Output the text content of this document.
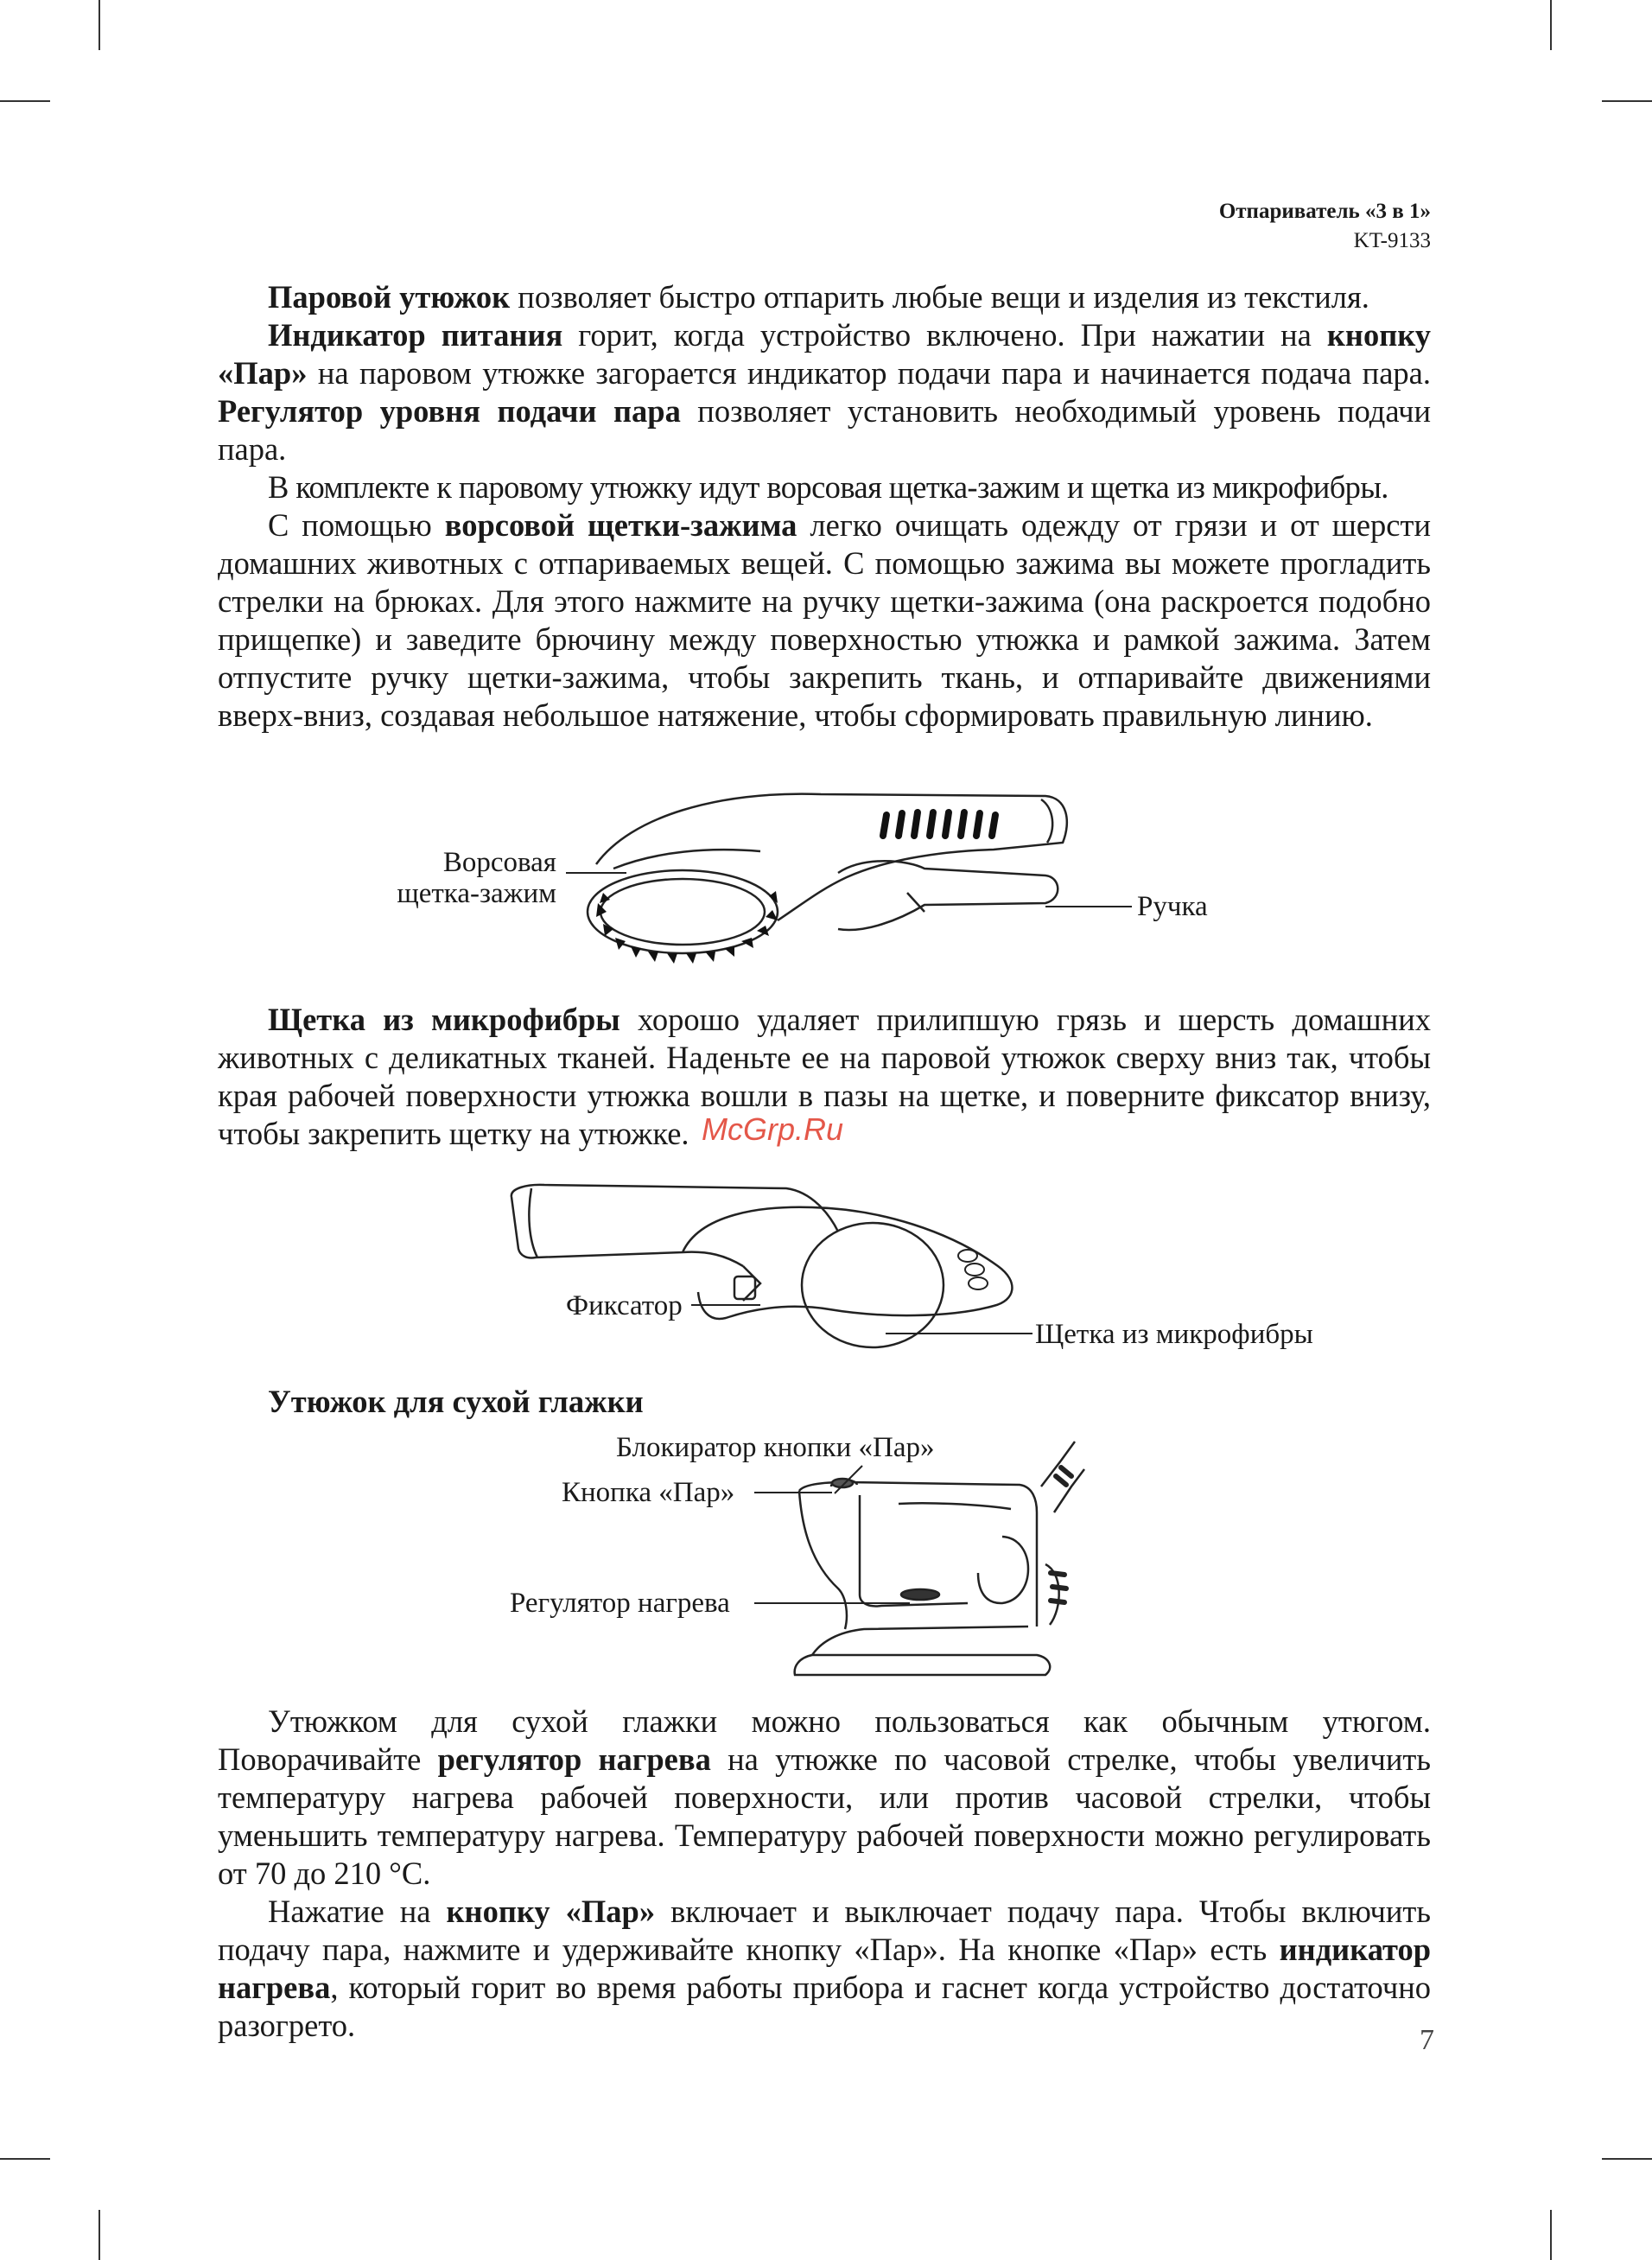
Отпариватель «3 в 1»
KT-9133

Паровой утюжок позволяет быстро отпарить любые вещи и изделия из текстиля.

Индикатор питания горит, когда устройство включено. При нажатии на кнопку «Пар» на паровом утюжке загорается индикатор подачи пара и начинается подача пара. Регулятор уровня подачи пара позволяет установить необходимый уровень подачи пара.

В комплекте к паровому утюжку идут ворсовая щетка-зажим и щетка из микрофибры.

С помощью ворсовой щетки-зажима легко очищать одежду от грязи и от шерсти домашних животных с отпариваемых вещей. С помощью зажима вы можете прогладить стрелки на брюках. Для этого нажмите на ручку щетки-зажима (она раскроется подобно прищепке) и заведите брючину между поверхностью утюжка и рамкой зажима. Затем отпустите ручку щетки-зажима, чтобы закрепить ткань, и отпаривайте движениями вверх-вниз, создавая небольшое натяжение, чтобы сформировать правильную линию.

Ворсовая
щетка-зажим	Ручка

Щетка из микрофибры хорошо удаляет прилипшую грязь и шерсть домашних животных с деликатных тканей. Наденьте ее на паровой утюжок сверху вниз так, чтобы края рабочей поверхности утюжка вошли в пазы на щетке, и поверните фиксатор внизу, чтобы закрепить щетку на утюжке. McGrp.Ru
Фиксатор
Щетка из микрофибры
Утюжок для сухой глажки
Блокиратор кнопки «Пар»
Кнопка «Пар»
Регулятор нагрева

Утюжком для сухой глажки можно пользоваться как обычным утюгом. Поворачивайте регулятор нагрева на утюжке по часовой стрелке, чтобы увеличить температуру нагрева рабочей поверхности, или против часовой стрелки, чтобы уменьшить температуру нагрева. Температуру рабочей поверхности можно регулировать от 70 до 210 °С.

Нажатие на кнопку «Пар» включает и выключает подачу пара. Чтобы включить подачу пара, нажмите и удерживайте кнопку «Пар». На кнопке «Пар» есть индикатор нагрева, который горит во время работы прибора и гаснет когда устройство достаточно разогрето.	7
